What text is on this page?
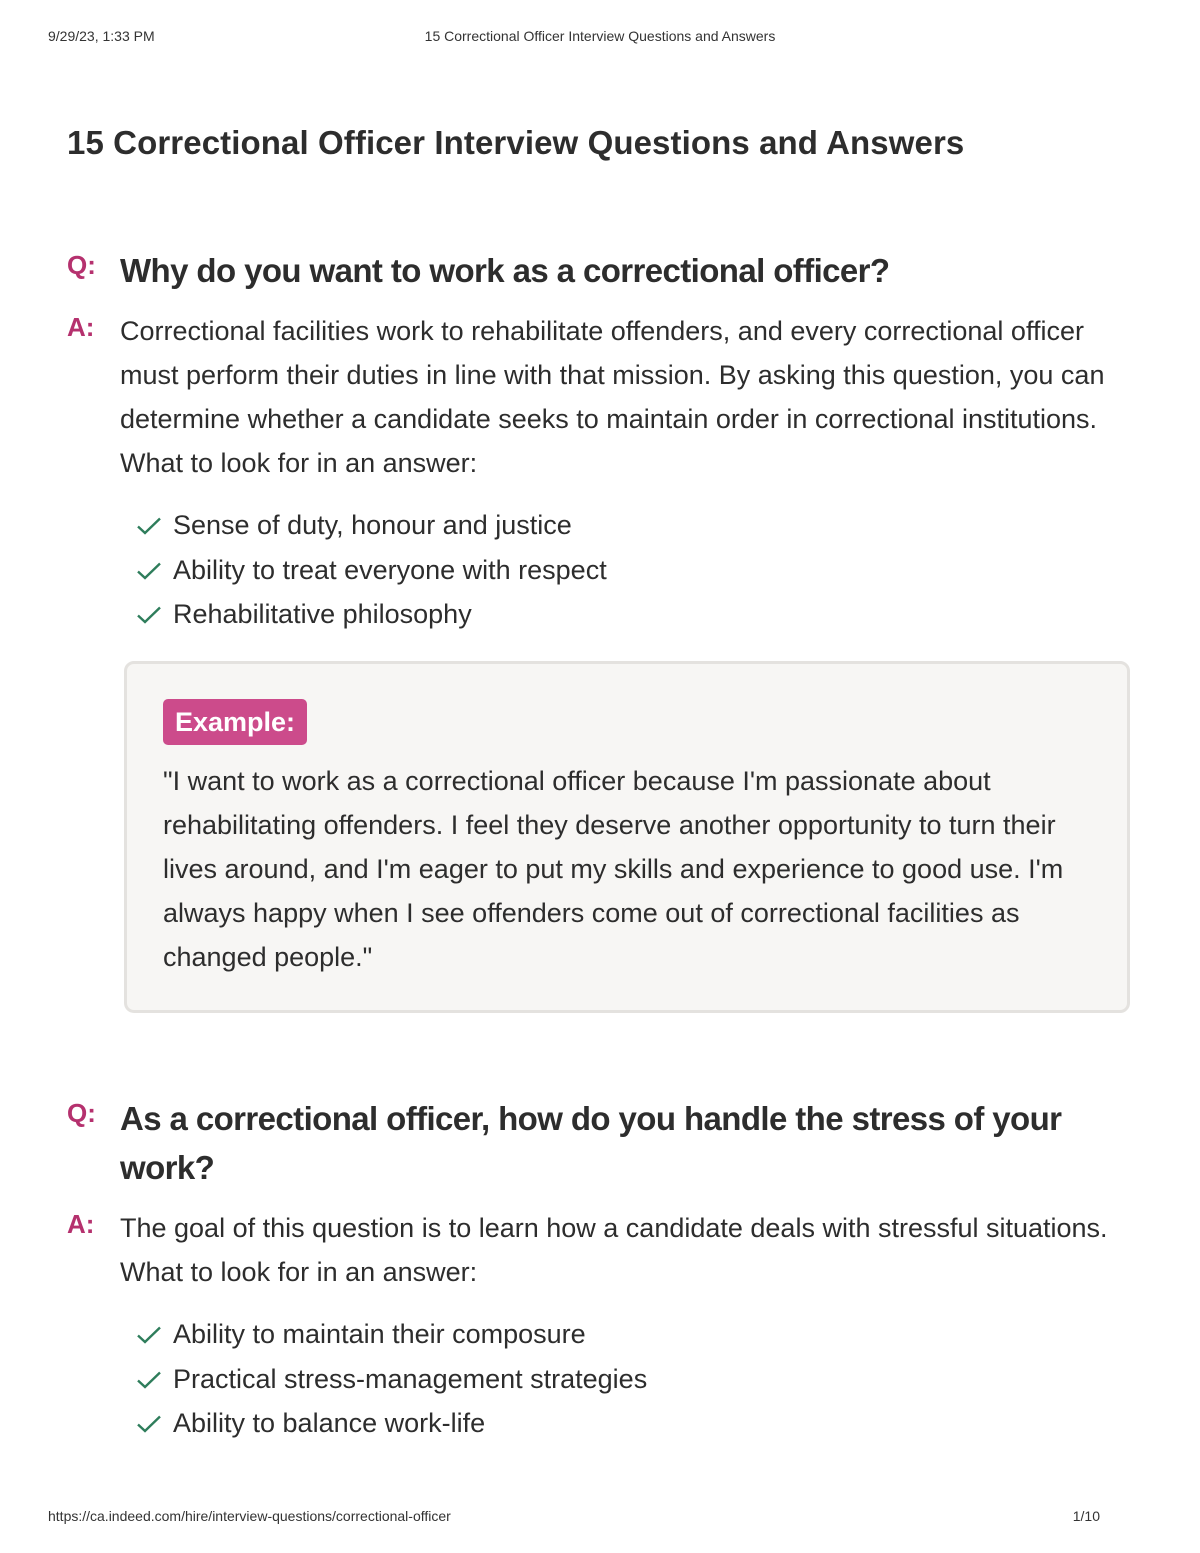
9/29/23, 1:33 PM	15 Correctional Officer Interview Questions and Answers
15 Correctional Officer Interview Questions and Answers
Q: Why do you want to work as a correctional officer?
A: Correctional facilities work to rehabilitate offenders, and every correctional officer must perform their duties in line with that mission. By asking this question, you can determine whether a candidate seeks to maintain order in correctional institutions. What to look for in an answer:
Sense of duty, honour and justice
Ability to treat everyone with respect
Rehabilitative philosophy
Example:
"I want to work as a correctional officer because I'm passionate about rehabilitating offenders. I feel they deserve another opportunity to turn their lives around, and I'm eager to put my skills and experience to good use. I'm always happy when I see offenders come out of correctional facilities as changed people."
Q: As a correctional officer, how do you handle the stress of your work?
A: The goal of this question is to learn how a candidate deals with stressful situations. What to look for in an answer:
Ability to maintain their composure
Practical stress-management strategies
Ability to balance work-life
https://ca.indeed.com/hire/interview-questions/correctional-officer	1/10
